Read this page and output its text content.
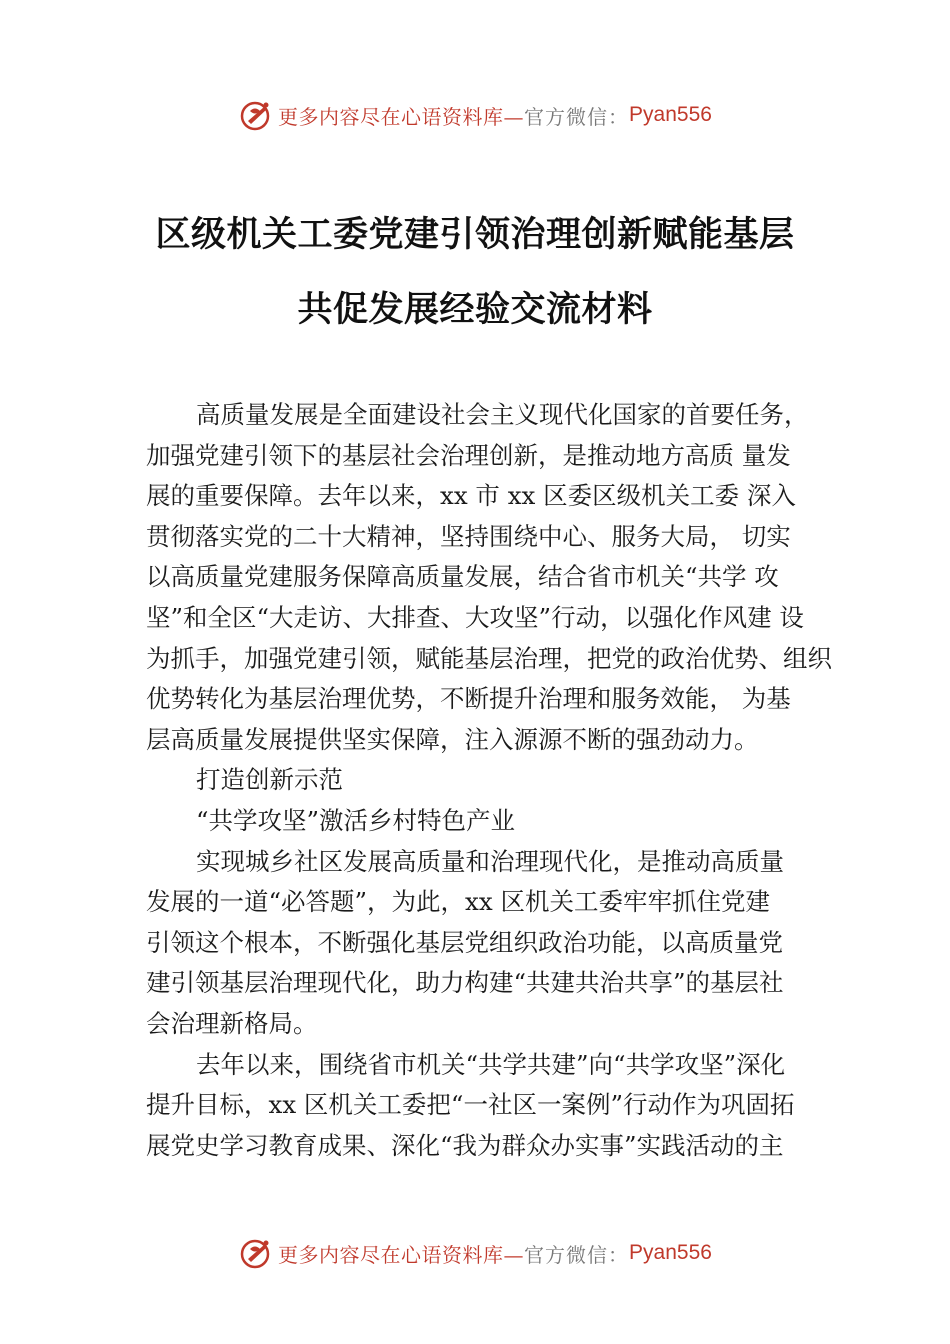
更多内容尽在心语资料库— 官方微信： Pyan556
区级机关工委党建引领治理创新赋能基层
共促发展经验交流材料
高质量发展是全面建设社会主义现代化国家的首要任务，
加强党建引领下的基层社会治理创新，是推动地方高质 量发
展的重要保障。去年以来，xx 市 xx 区委区级机关工委 深入
贯彻落实党的二十大精神，坚持围绕中心、服务大局， 切实
以高质量党建服务保障高质量发展，结合省市机关“共学 攻
坚”和全区“大走访、大排查、大攻坚”行动，以强化作风建 设
为抓手，加强党建引领，赋能基层治理，把党的政治优势、组织
优势转化为基层治理优势，不断提升治理和服务效能， 为基
层高质量发展提供坚实保障，注入源源不断的强劲动力。
打造创新示范
“共学攻坚”激活乡村特色产业
实现城乡社区发展高质量和治理现代化，是推动高质量
发展的一道“必答题”，为此，xx 区机关工委牢牢抓住党建
引领这个根本，不断强化基层党组织政治功能，以高质量党
建引领基层治理现代化，助力构建“共建共治共享”的基层社
会治理新格局。
去年以来，围绕省市机关“共学共建”向“共学攻坚”深化
提升目标，xx 区机关工委把“一社区一案例”行动作为巩固拓
展党史学习教育成果、深化“我为群众办实事”实践活动的主
更多内容尽在心语资料库— 官方微信： Pyan556
